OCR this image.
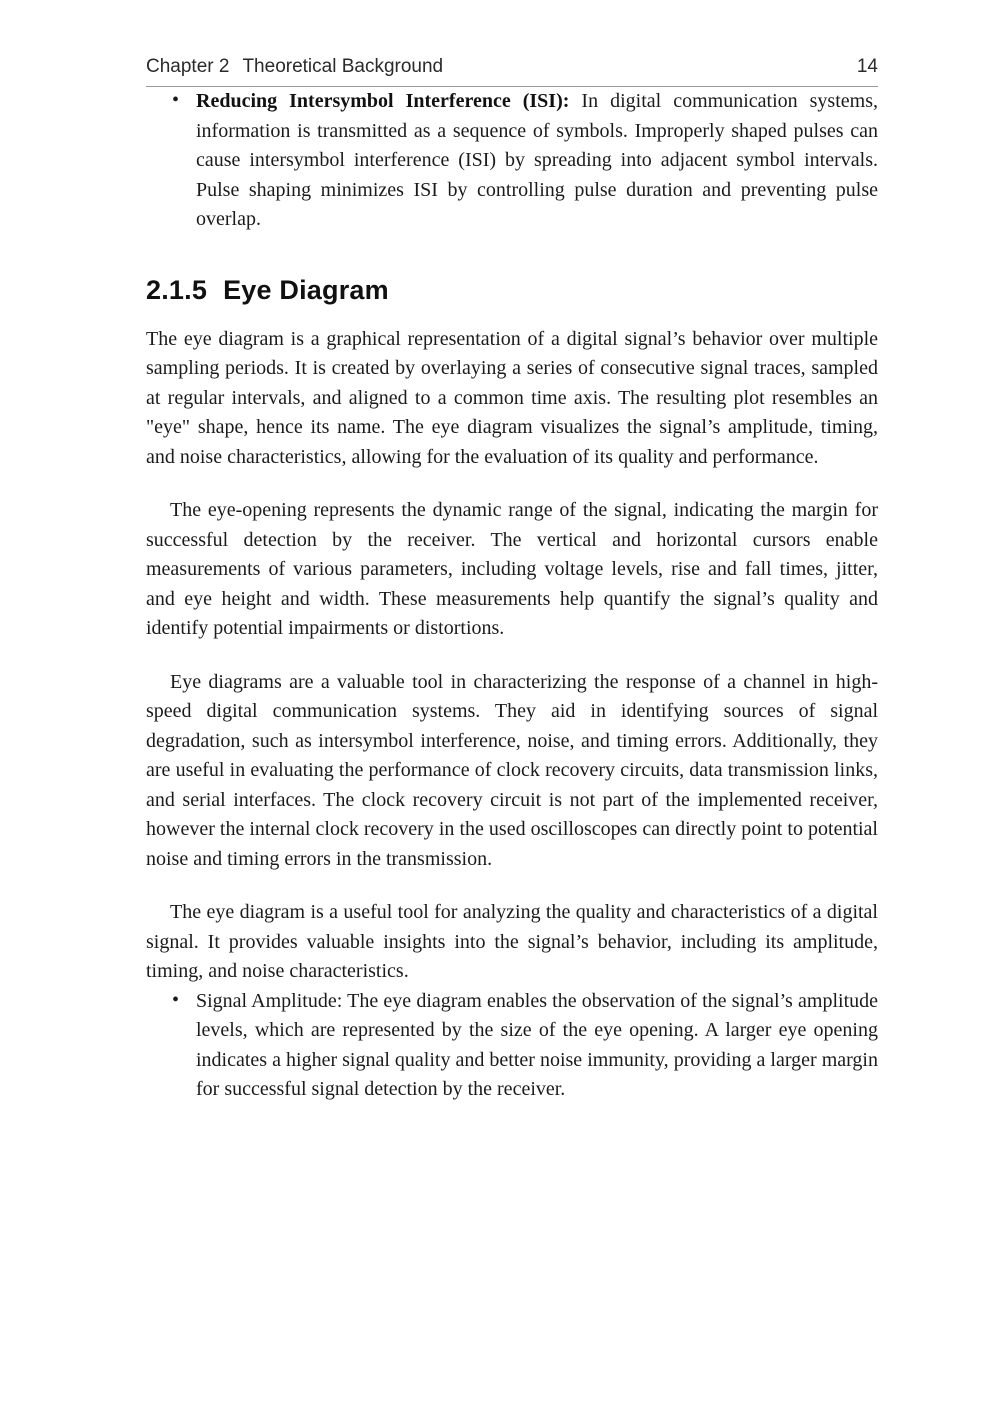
Chapter 2 Theoretical Background	14
• Reducing Intersymbol Interference (ISI): In digital communication systems, information is transmitted as a sequence of symbols. Improperly shaped pulses can cause intersymbol interference (ISI) by spreading into adjacent symbol intervals. Pulse shaping minimizes ISI by controlling pulse duration and preventing pulse overlap.
2.1.5 Eye Diagram

The eye diagram is a graphical representation of a digital signal’s behavior over multiple sampling periods. It is created by overlaying a series of consecutive signal traces, sampled at regular intervals, and aligned to a common time axis. The resulting plot resembles an "eye" shape, hence its name. The eye diagram visualizes the signal’s amplitude, timing, and noise characteristics, allowing for the evaluation of its quality and performance.

The eye-opening represents the dynamic range of the signal, indicating the margin for successful detection by the receiver. The vertical and horizontal cursors enable measurements of various parameters, including voltage levels, rise and fall times, jitter, and eye height and width. These measurements help quantify the signal’s quality and identify potential impairments or distortions.

Eye diagrams are a valuable tool in characterizing the response of a channel in high-speed digital communication systems. They aid in identifying sources of signal degradation, such as intersymbol interference, noise, and timing errors. Additionally, they are useful in evaluating the performance of clock recovery circuits, data transmission links, and serial interfaces. The clock recovery circuit is not part of the implemented receiver, however the internal clock recovery in the used oscilloscopes can directly point to potential noise and timing errors in the transmission.

The eye diagram is a useful tool for analyzing the quality and characteristics of a digital signal. It provides valuable insights into the signal’s behavior, including its amplitude, timing, and noise characteristics.

• Signal Amplitude: The eye diagram enables the observation of the signal’s amplitude levels, which are represented by the size of the eye opening. A larger eye opening indicates a higher signal quality and better noise immunity, providing a larger margin for successful signal detection by the receiver.
